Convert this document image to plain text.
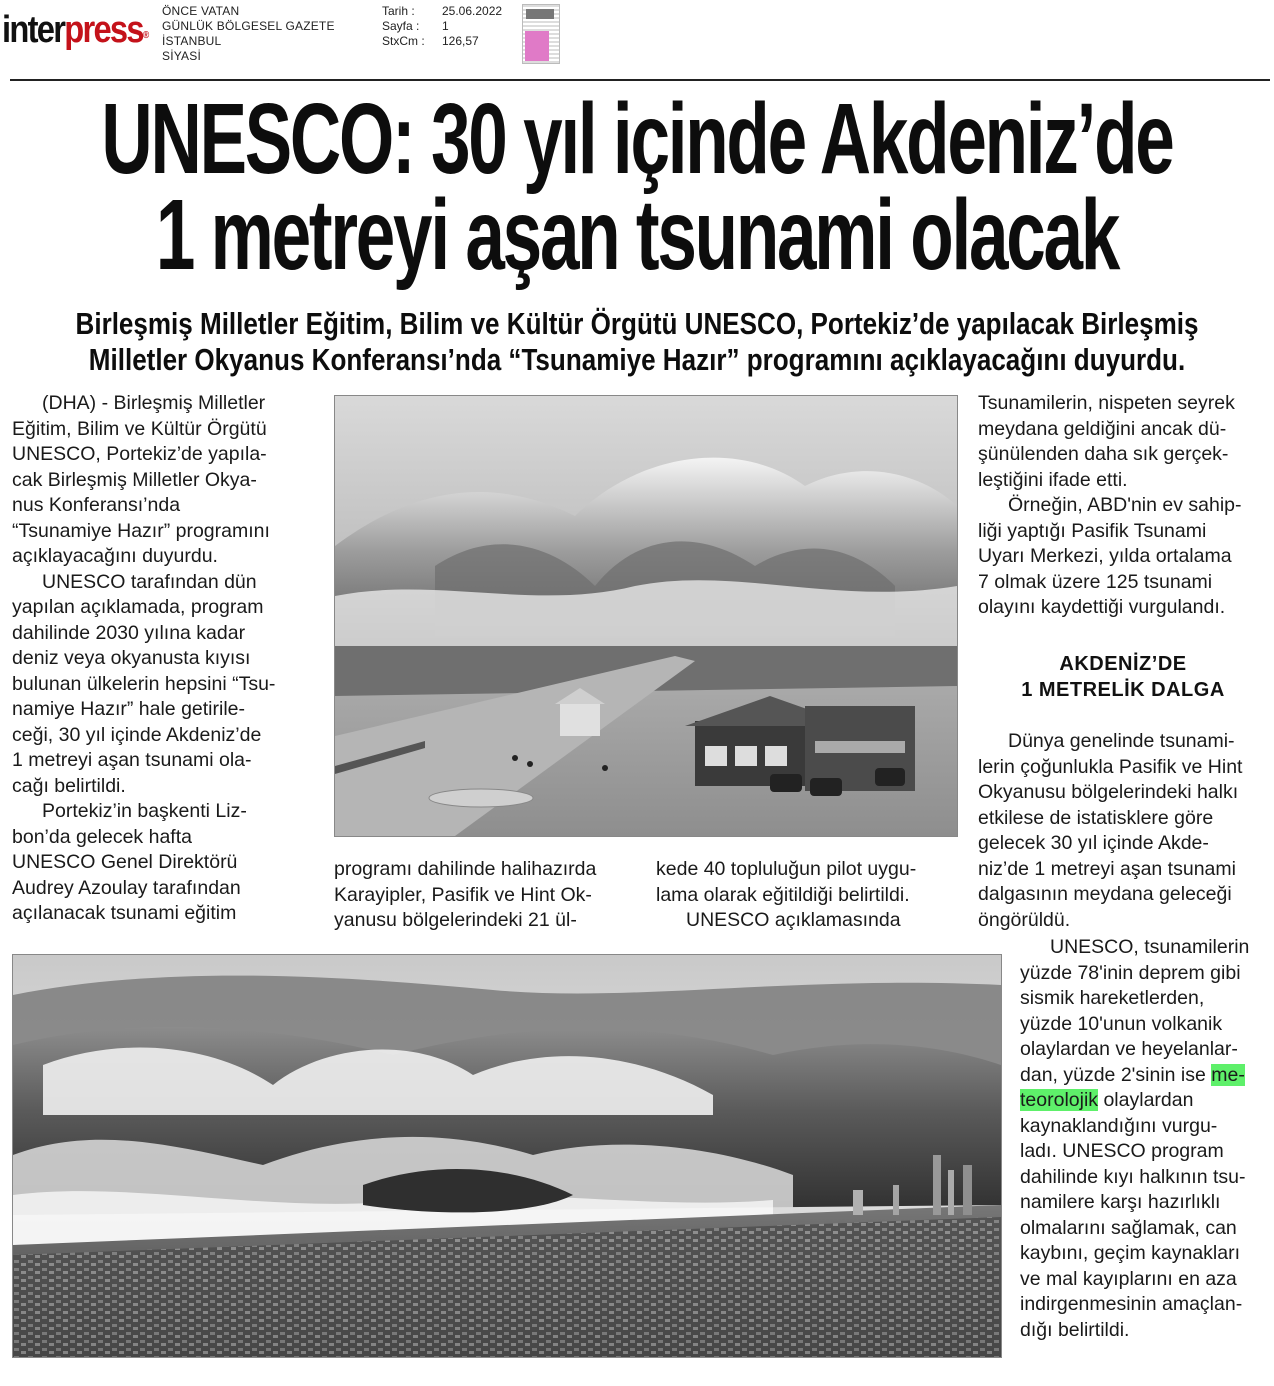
interpress®
ÖNCE VATAN
GÜNLÜK BÖLGESEL GAZETE
İSTANBUL
SİYASİ
Tarih :	25.06.2022
Sayfa :	1
StxCm :	126,57
UNESCO: 30 yıl içinde Akdeniz’de
1 metreyi aşan tsunami olacak
Birleşmiş Milletler Eğitim, Bilim ve Kültür Örgütü UNESCO, Portekiz’de yapılacak Birleşmiş
Milletler Okyanus Konferansı’nda “Tsunamiye Hazır” programını açıklayacağını duyurdu.

(DHA) - Birleşmiş Milletler

Eğitim, Bilim ve Kültür Örgütü

UNESCO, Portekiz’de yapıla-

cak Birleşmiş Milletler Okya-

nus Konferansı’nda

“Tsunamiye Hazır” programını

açıklayacağını duyurdu.

UNESCO tarafından dün

yapılan açıklamada, program

dahilinde 2030 yılına kadar

deniz veya okyanusta kıyısı

bulunan ülkelerin hepsini “Tsu-

namiye Hazır” hale getirile-

ceği, 30 yıl içinde Akdeniz’de

1 metreyi aşan tsunami ola-

cağı belirtildi.

Portekiz’in başkenti Liz-

bon’da gelecek hafta

UNESCO Genel Direktörü

Audrey Azoulay tarafından

açılanacak tsunami eğitim

programı dahilinde halihazırda

Karayipler, Pasifik ve Hint Ok-

yanusu bölgelerindeki 21 ül-

kede 40 topluluğun pilot uygu-

lama olarak eğitildiği belirtildi.

UNESCO açıklamasında

Tsunamilerin, nispeten seyrek

meydana geldiğini ancak dü-

şünülenden daha sık gerçek-

leştiğini ifade etti.

Örneğin, ABD'nin ev sahip-

liği yaptığı Pasifik Tsunami

Uyarı Merkezi, yılda ortalama

7 olmak üzere 125 tsunami

olayını kaydettiği vurgulandı.

AKDENİZ’DE
1 METRELİK DALGA

Dünya genelinde tsunami-

lerin çoğunlukla Pasifik ve Hint

Okyanusu bölgelerindeki halkı

etkilese de istatisklere göre

gelecek 30 yıl içinde Akde-

niz’de 1 metreyi aşan tsunami

dalgasının meydana geleceği

öngörüldü.

UNESCO, tsunamilerin

yüzde 78'inin deprem gibi

sismik hareketlerden,

yüzde 10'unun volkanik

olaylardan ve heyelanlar-

dan, yüzde 2'sinin ise me-

teorolojik olaylardan

kaynaklandığını vurgu-

ladı. UNESCO program

dahilinde kıyı halkının tsu-

namilere karşı hazırlıklı

olmalarını sağlamak, can

kaybını, geçim kaynakları

ve mal kayıplarını en aza

indirgenmesinin amaçlan-

dığı belirtildi.
